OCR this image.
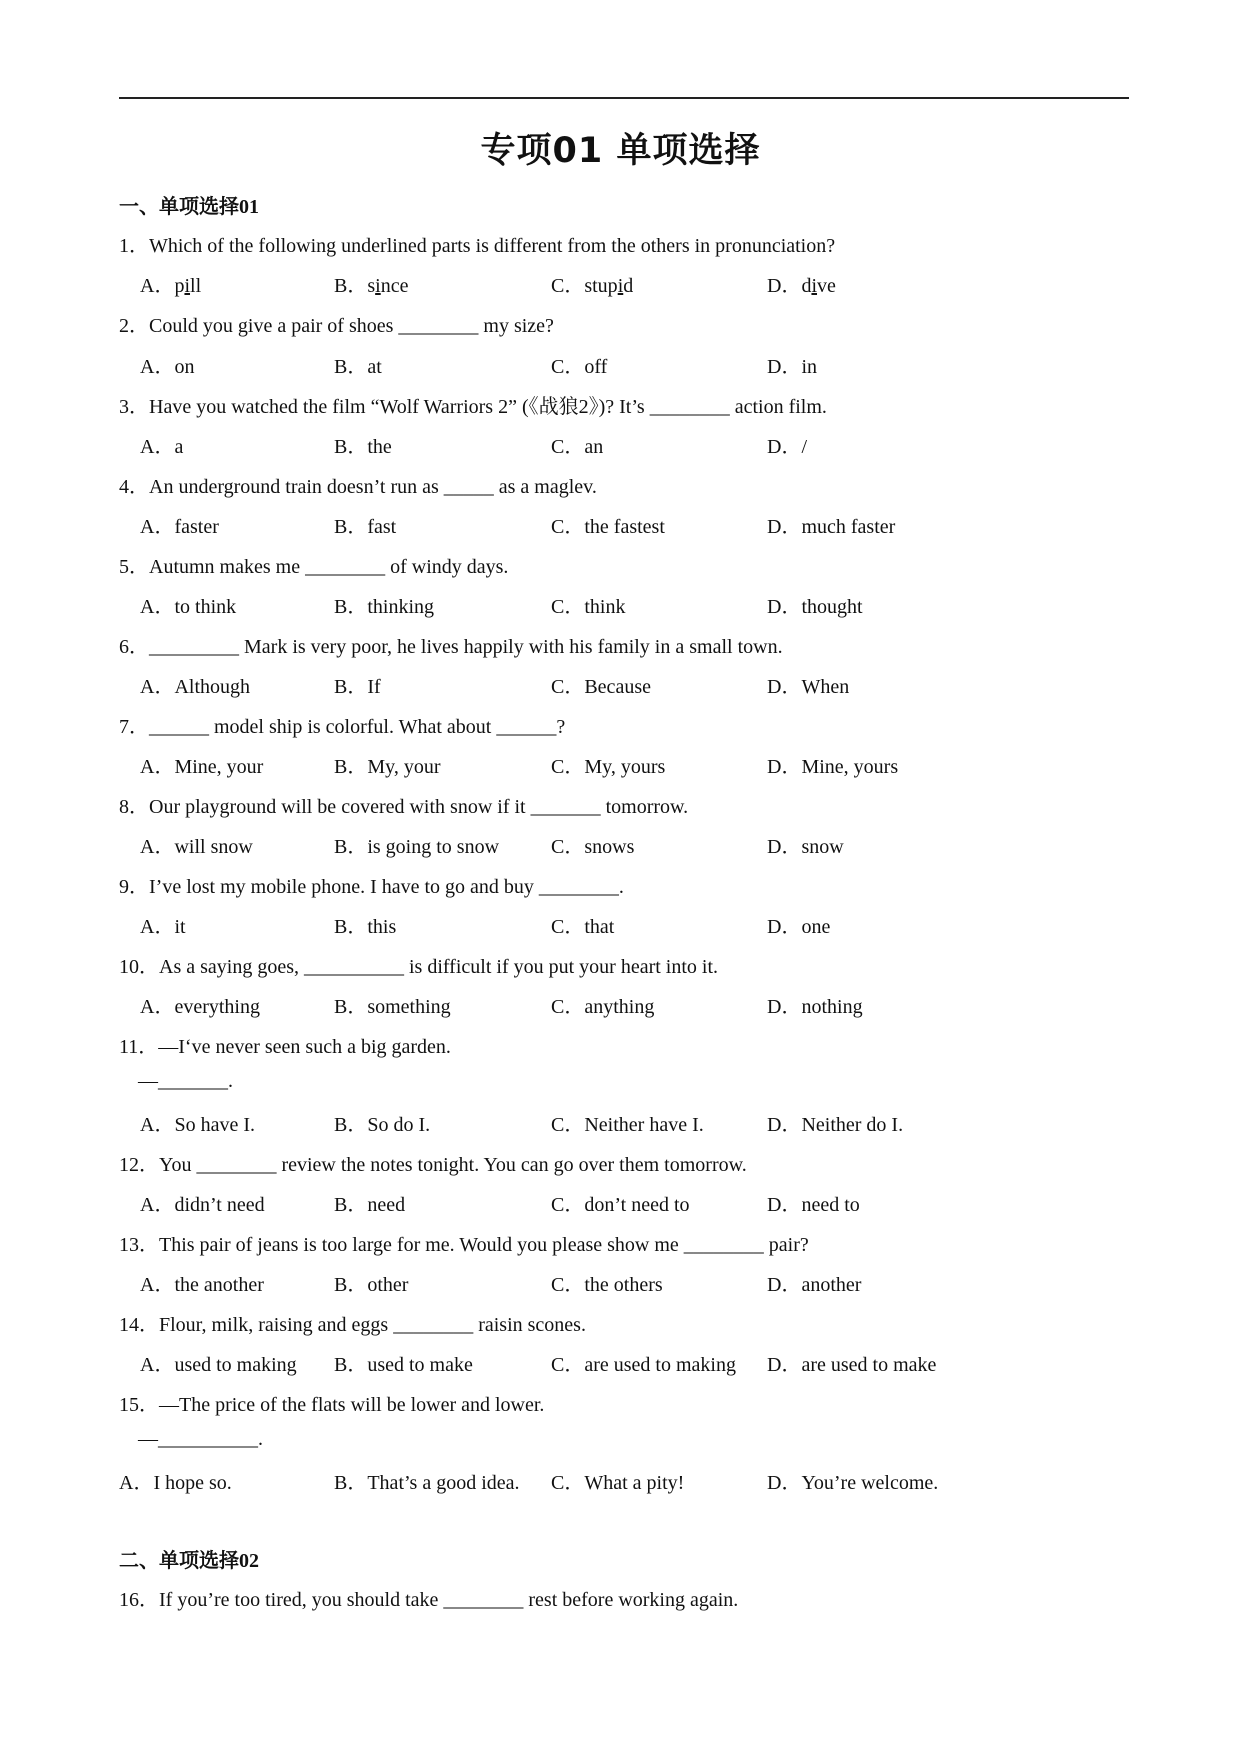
专项01 单项选择
一、单项选择01
1．Which of the following underlined parts is different from the others in pronunciation?
A．pill	B．since	C．stupid	D．dive
2．Could you give a pair of shoes ________ my size?
A．on	B．at	C．off	D．in
3．Have you watched the film “Wolf Warriors 2” (《战狼2》)? It’s ________ action film.
A．a	B．the	C．an	D．/
4．An underground train doesn’t run as _____ as a maglev.
A．faster	B．fast	C．the fastest	D．much faster
5．Autumn makes me ________ of windy days.
A．to think	B．thinking	C．think	D．thought
6．_________ Mark is very poor, he lives happily with his family in a small town.
A．Although	B．If	C．Because	D．When
7．______ model ship is colorful. What about ______?
A．Mine, your	B．My, your	C．My, yours	D．Mine, yours
8．Our playground will be covered with snow if it _______ tomorrow.
A．will snow	B．is going to snow	C．snows	D．snow
9．I’ve lost my mobile phone. I have to go and buy ________.
A．it	B．this	C．that	D．one
10．As a saying goes, __________ is difficult if you put your heart into it.
A．everything	B．something	C．anything	D．nothing
11．—I‘ve never seen such a big garden.
—_______.
A．So have I.	B．So do I.	C．Neither have I.	D．Neither do I.
12．You ________ review the notes tonight. You can go over them tomorrow.
A．didn’t need	B．need	C．don’t need to	D．need to
13．This pair of jeans is too large for me. Would you please show me ________ pair?
A．the another	B．other	C．the others	D．another
14．Flour, milk, raising and eggs ________ raisin scones.
A．used to making B．used to make	C．are used to making D．are used to make
15．—The price of the flats will be lower and lower.
—__________.
A．I hope so.	B．That’s a good idea. C．What a pity!	D．You’re welcome.
二、单项选择02
16．If you’re too tired, you should take ________ rest before working again.
